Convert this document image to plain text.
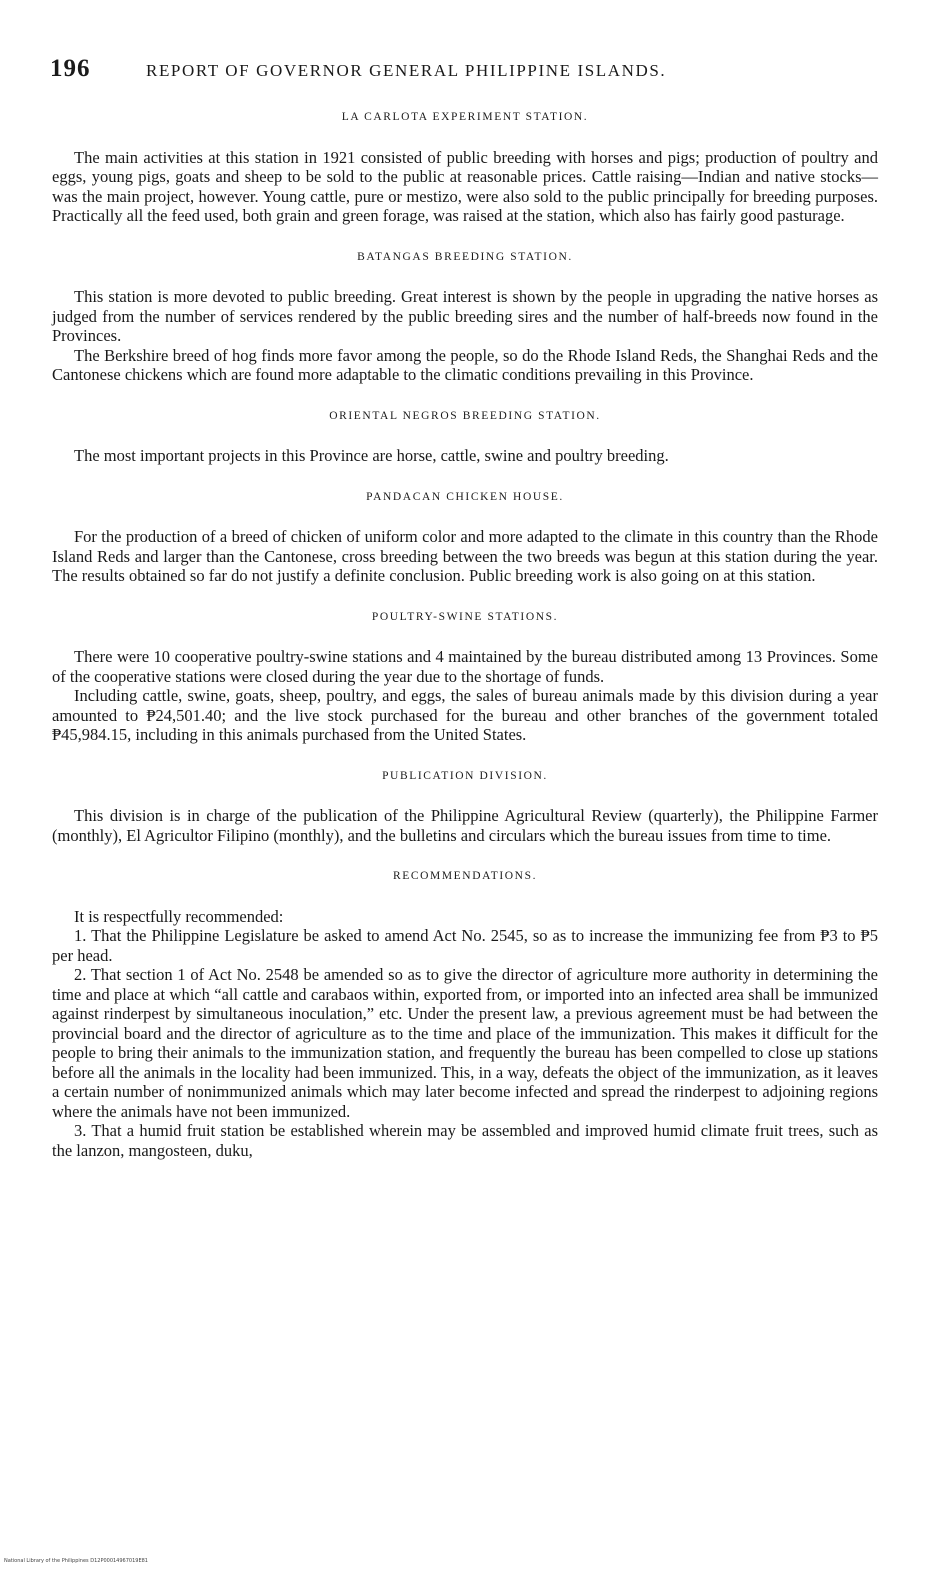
196	REPORT OF GOVERNOR GENERAL PHILIPPINE ISLANDS.
LA CARLOTA EXPERIMENT STATION.

The main activities at this station in 1921 consisted of public breeding with horses and pigs; production of poultry and eggs, young pigs, goats and sheep to be sold to the public at reasonable prices. Cattle raising—Indian and native stocks—was the main project, however. Young cattle, pure or mestizo, were also sold to the public principally for breeding purposes. Practically all the feed used, both grain and green forage, was raised at the station, which also has fairly good pasturage.

BATANGAS BREEDING STATION.

This station is more devoted to public breeding. Great interest is shown by the people in upgrading the native horses as judged from the number of services rendered by the public breeding sires and the number of half-breeds now found in the Provinces.

The Berkshire breed of hog finds more favor among the people, so do the Rhode Island Reds, the Shanghai Reds and the Cantonese chickens which are found more adaptable to the climatic conditions prevailing in this Province.

ORIENTAL NEGROS BREEDING STATION.

The most important projects in this Province are horse, cattle, swine and poultry breeding.

PANDACAN CHICKEN HOUSE.

For the production of a breed of chicken of uniform color and more adapted to the climate in this country than the Rhode Island Reds and larger than the Cantonese, cross breeding between the two breeds was begun at this station during the year. The results obtained so far do not justify a definite conclusion. Public breeding work is also going on at this station.

POULTRY-SWINE STATIONS.

There were 10 cooperative poultry-swine stations and 4 maintained by the bureau distributed among 13 Provinces. Some of the cooperative stations were closed during the year due to the shortage of funds.

Including cattle, swine, goats, sheep, poultry, and eggs, the sales of bureau animals made by this division during a year amounted to ₱24,501.40; and the live stock purchased for the bureau and other branches of the government totaled ₱45,984.15, including in this animals purchased from the United States.

PUBLICATION DIVISION.

This division is in charge of the publication of the Philippine Agricultural Review (quarterly), the Philippine Farmer (monthly), El Agricultor Filipino (monthly), and the bulletins and circulars which the bureau issues from time to time.

RECOMMENDATIONS.

It is respectfully recommended:

1. That the Philippine Legislature be asked to amend Act No. 2545, so as to increase the immunizing fee from ₱3 to ₱5 per head.

2. That section 1 of Act No. 2548 be amended so as to give the director of agriculture more authority in determining the time and place at which “all cattle and carabaos within, exported from, or imported into an infected area shall be immunized against rinderpest by simultaneous inoculation,” etc. Under the present law, a previous agreement must be had between the provincial board and the director of agriculture as to the time and place of the immunization. This makes it difficult for the people to bring their animals to the immunization station, and frequently the bureau has been compelled to close up stations before all the animals in the locality had been immunized. This, in a way, defeats the object of the immunization, as it leaves a certain number of nonimmunized animals which may later become infected and spread the rinderpest to adjoining regions where the animals have not been immunized.

3. That a humid fruit station be established wherein may be assembled and improved humid climate fruit trees, such as the lanzon, mangosteen, duku,

National Library of the Philippines D12P00014967019E81
